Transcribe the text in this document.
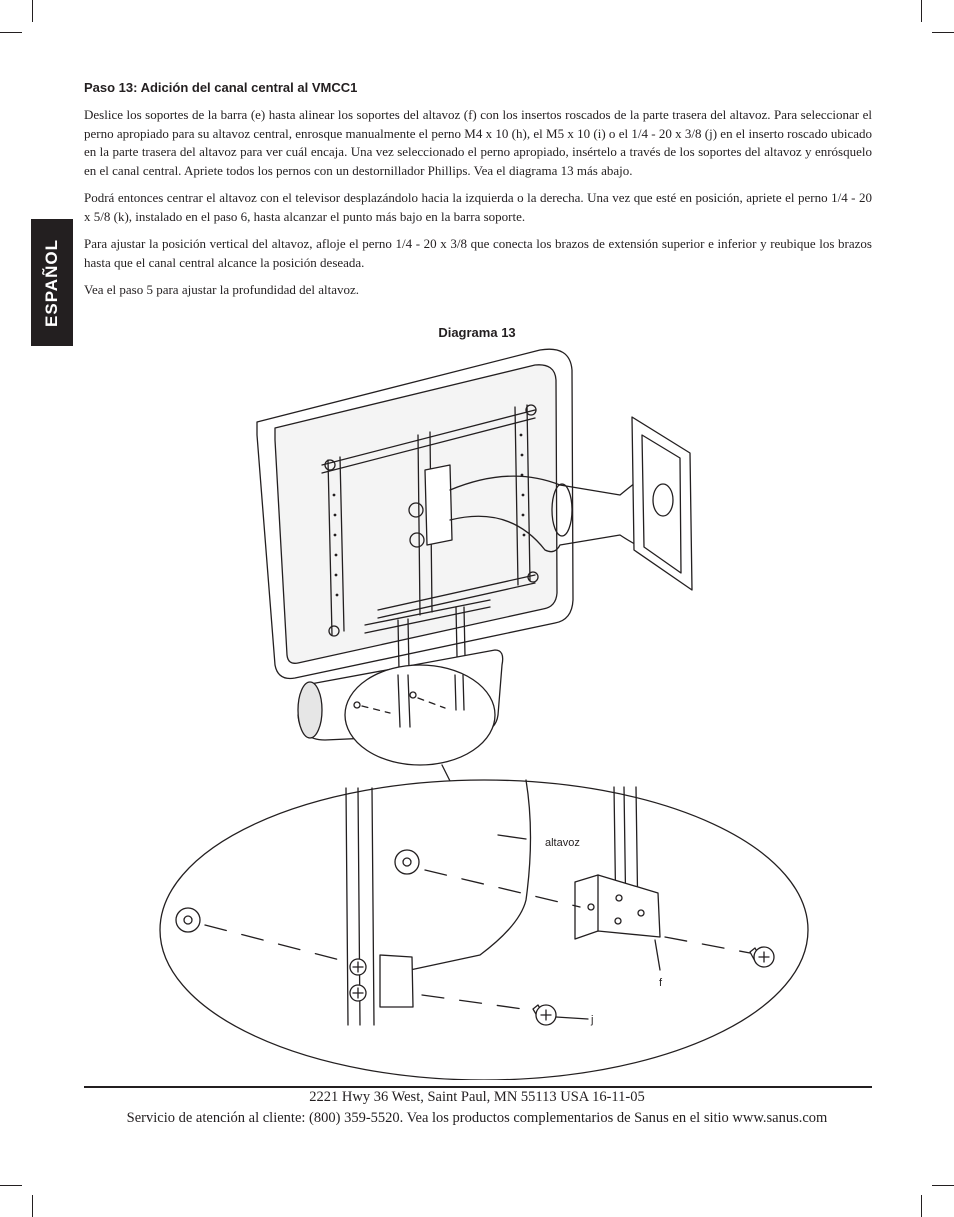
Paso 13: Adición del canal central al VMCC1

Deslice los soportes de la barra (e) hasta alinear los soportes del altavoz (f) con los insertos roscados de la parte trasera del altavoz. Para seleccionar el perno apropiado para su altavoz central, enrosque manualmente el perno M4 x 10 (h), el M5 x 10 (i) o el 1/4 - 20 x 3/8 (j) en el inserto roscado ubicado en la parte trasera del altavoz para ver cuál encaja. Una vez seleccionado el perno apropiado, insértelo a través de los soportes del altavoz y enrósquelo en el canal central. Apriete todos los pernos con un destornillador Phillips. Vea el diagrama 13 más abajo.

Podrá entonces centrar el altavoz con el televisor desplazándolo hacia la izquierda o la derecha. Una vez que esté en posición, apriete el perno 1/4 - 20 x 5/8 (k), instalado en el paso 6, hasta alcanzar el punto más bajo en la barra soporte.

Para ajustar la posición vertical del altavoz, afloje el perno 1/4 - 20 x 3/8 que conecta los brazos de extensión superior e inferior y reubique los brazos hasta que el canal central alcance la posición deseada.

Vea el paso 5 para ajustar la profundidad del altavoz.

ESPAÑOL
Diagrama 13
altavoz
f
j
2221 Hwy 36 West, Saint Paul, MN 55113 USA 16-11-05
Servicio de atención al cliente: (800) 359-5520. Vea los productos complementarios de Sanus en el sitio www.sanus.com
